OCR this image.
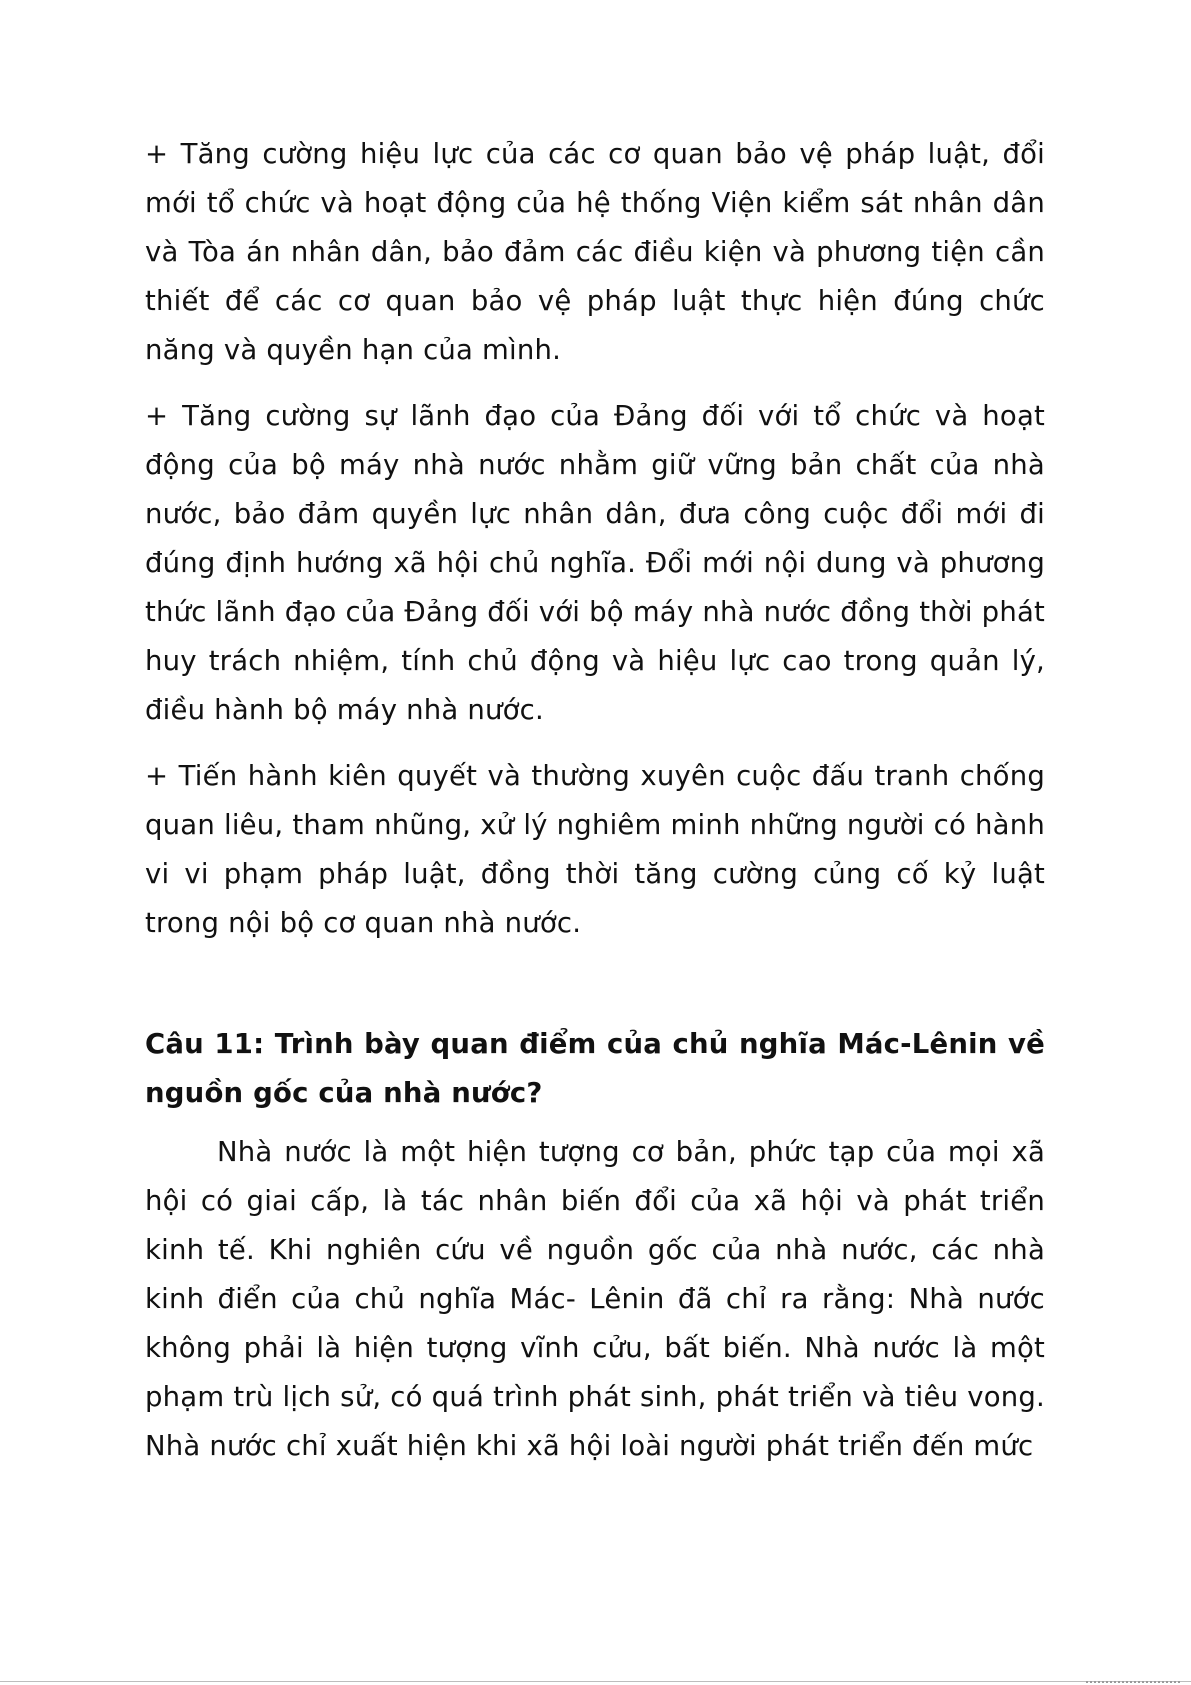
+ Tăng cường hiệu lực của các cơ quan bảo vệ pháp luật, đổi mới tổ chức và hoạt động của hệ thống Viện kiểm sát nhân dân và Tòa án nhân dân, bảo đảm các điều kiện và phương tiện cần thiết để các cơ quan bảo vệ pháp luật thực hiện đúng chức năng và quyền hạn của mình.

+ Tăng cường sự lãnh đạo của Đảng đối với tổ chức và hoạt động của bộ máy nhà nước nhằm giữ vững bản chất của nhà nước, bảo đảm quyền lực nhân dân, đưa công cuộc đổi mới đi đúng định hướng xã hội chủ nghĩa. Đổi mới nội dung và phương thức lãnh đạo của Đảng đối với bộ máy nhà nước đồng thời phát huy trách nhiệm, tính chủ động và hiệu lực cao trong quản lý, điều hành bộ máy nhà nước.

+ Tiến hành kiên quyết và thường xuyên cuộc đấu tranh chống quan liêu, tham nhũng, xử lý nghiêm minh những người có hành vi vi phạm pháp luật, đồng thời tăng cường củng cố kỷ luật trong nội bộ cơ quan nhà nước.

Câu 11: Trình bày quan điểm của chủ nghĩa Mác-Lênin về nguồn gốc của nhà nước?

Nhà nước là một hiện tượng cơ bản, phức tạp của mọi xã hội có giai cấp, là tác nhân biến đổi của xã hội và phát triển kinh tế. Khi nghiên cứu về nguồn gốc của nhà nước, các nhà kinh điển của chủ nghĩa Mác- Lênin đã chỉ ra rằng: Nhà nước không phải là hiện tượng vĩnh cửu, bất biến. Nhà nước là một phạm trù lịch sử, có quá trình phát sinh, phát triển và tiêu vong. Nhà nước chỉ xuất hiện khi xã hội loài người phát triển đến mức
